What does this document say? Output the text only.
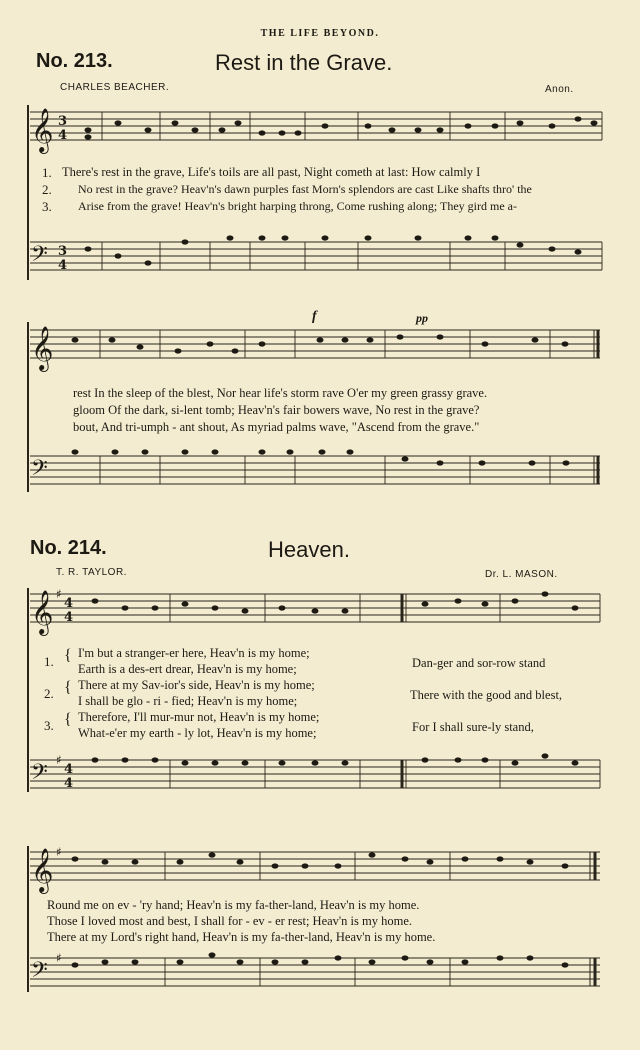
THE LIFE BEYOND.
No. 213.	Rest in the Grave.
CHARLES BEACHER.	Anon.
𝄞
𝄢
𝄞
𝄢
𝄞
𝄢
𝄞
𝄢
3
4
3
4
♯
4
4
♯
4
4
♯
♯
f	pp
1. There's rest in the grave, Life's toils are all past, Night cometh at last: How calmly I
2. No rest in the grave? Heav'n's dawn purples fast Morn's splendors are cast Like shafts thro' the
3. Arise from the grave! Heav'n's bright harping throng, Come rushing along; They gird me a-
rest In the sleep of the blest, Nor hear life's storm rave O'er my green grassy grave.
gloom Of the dark, si-lent tomb; Heav'n's fair bowers wave, No rest in the grave?
bout, And tri-umph - ant shout, As myriad palms wave, "Ascend from the grave."
No. 214.	Heaven.
T. R. TAYLOR.	Dr. L. MASON.
1. { I'm but a stranger-er here, Heav'n is my home;
Earth is a des-ert drear, Heav'n is my home;
2. { There at my Sav-ior's side, Heav'n is my home;
I shall be glo - ri - fied; Heav'n is my home;
3. { Therefore, I'll mur-mur not, Heav'n is my home;
What-e'er my earth - ly lot, Heav'n is my home;
Dan-ger and sor-row stand
There with the good and blest,
For I shall sure-ly stand,
Round me on ev - 'ry hand; Heav'n is my fa-ther-land, Heav'n is my home.
Those I loved most and best, I shall for - ev - er rest; Heav'n is my home.
There at my Lord's right hand, Heav'n is my fa-ther-land, Heav'n is my home.
